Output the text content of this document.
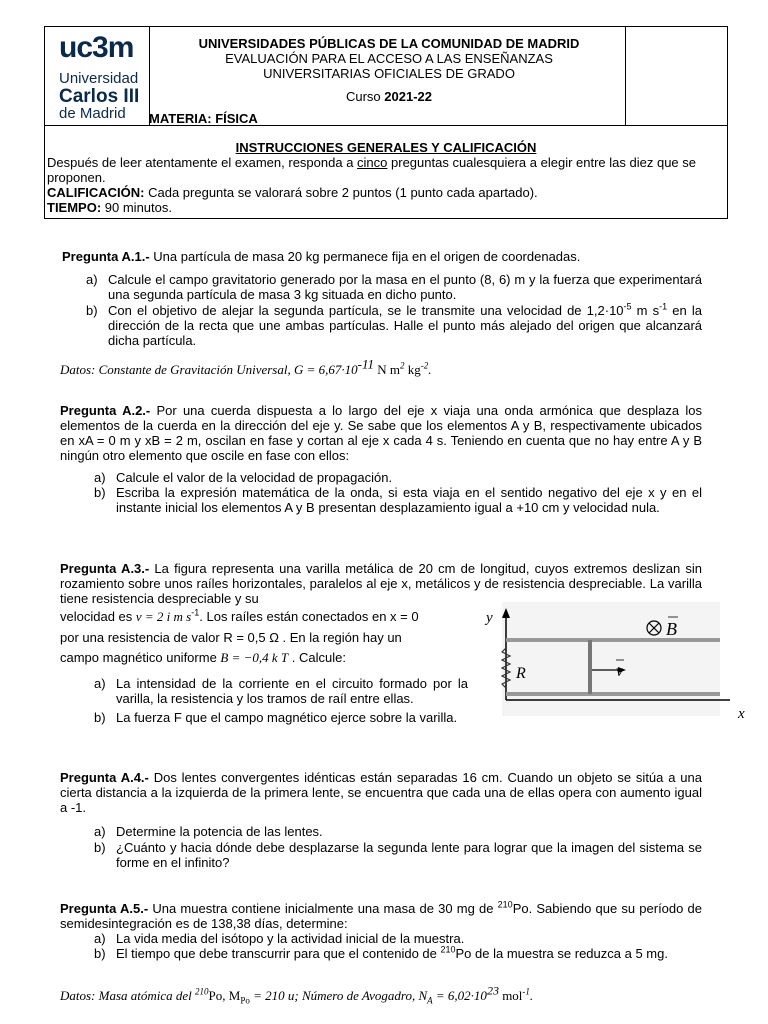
uc3m
Universidad
Carlos III
de Madrid
UNIVERSIDADES PÚBLICAS DE LA COMUNIDAD DE MADRID
EVALUACIÓN PARA EL ACCESO A LAS ENSEÑANZAS
UNIVERSITARIAS OFICIALES DE GRADO
Curso 2021-22
MATERIA: FÍSICA
INSTRUCCIONES GENERALES Y CALIFICACIÓN

Después de leer atentamente el examen, responda a cinco preguntas cualesquiera a elegir entre las diez que se proponen.

CALIFICACIÓN: Cada pregunta se valorará sobre 2 puntos (1 punto cada apartado).

TIEMPO: 90 minutos.

Pregunta A.1.- Una partícula de masa 20 kg permanece fija en el origen de coordenadas.
a) Calcule el campo gravitatorio generado por la masa en el punto (8, 6) m y la fuerza que experimentará una segunda partícula de masa 3 kg situada en dicho punto.
b) Con el objetivo de alejar la segunda partícula, se le transmite una velocidad de $1,2\cdot 10^{-5}$ m $s^{-1}$ en la dirección de la recta que une ambas partículas. Halle el punto más alejado del origen que alcanzará dicha partícula.
Datos: Constante de Gravitación Universal, $G = 6,67\cdot 10^{-11}$ N $m^2$ $kg^{-2}$.
Pregunta A.2.- Por una cuerda dispuesta a lo largo del eje x viaja una onda armónica que desplaza los elementos de la cuerda en la dirección del eje y. Se sabe que los elementos A y B, respectivamente ubicados en xA = 0 m y xB = 2 m, oscilan en fase y cortan al eje x cada 4 s. Teniendo en cuenta que no hay entre A y B ningún otro elemento que oscile en fase con ellos:
a) Calcule el valor de la velocidad de propagación.
b) Escriba la expresión matemática de la onda, si esta viaja en el sentido negativo del eje x y en el instante inicial los elementos A y B presentan desplazamiento igual a +10 cm y velocidad nula.
Pregunta A.3.- La figura representa una varilla metálica de 20 cm de longitud, cuyos extremos deslizan sin rozamiento sobre unos raíles horizontales, paralelos al eje x, metálicos y de resistencia despreciable. La varilla tiene resistencia despreciable y su
velocidad es v = 2 i m $s^{-1}$. Los raíles están conectados en x = 0
por una resistencia de valor R = 0,5 Ω . En la región hay un
campo magnético uniforme B = −0,4 k T . Calcule:
a) La intensidad de la corriente en el circuito formado por la varilla, la resistencia y los tramos de raíl entre ellas.
b) La fuerza F que el campo magnético ejerce sobre la varilla.
y
x
R	v
B
Pregunta A.4.- Dos lentes convergentes idénticas están separadas 16 cm. Cuando un objeto se sitúa a una cierta distancia a la izquierda de la primera lente, se encuentra que cada una de ellas opera con aumento igual a -1.
a) Determine la potencia de las lentes.
b) ¿Cuánto y hacia dónde debe desplazarse la segunda lente para lograr que la imagen del sistema se forme en el infinito?
Pregunta A.5.- Una muestra contiene inicialmente una masa de 30 mg de $^{210}$Po. Sabiendo que su período de semidesintegración es de 138,38 días, determine:
a) La vida media del isótopo y la actividad inicial de la muestra.
b) El tiempo que debe transcurrir para que el contenido de $^{210}$Po de la muestra se reduzca a 5 mg.
Datos: Masa atómica del $^{210}$Po, $M_{Po} = 210$ u; Número de Avogadro, $N_A = 6,02\cdot 10^{23}$ mol$^{-1}$.
